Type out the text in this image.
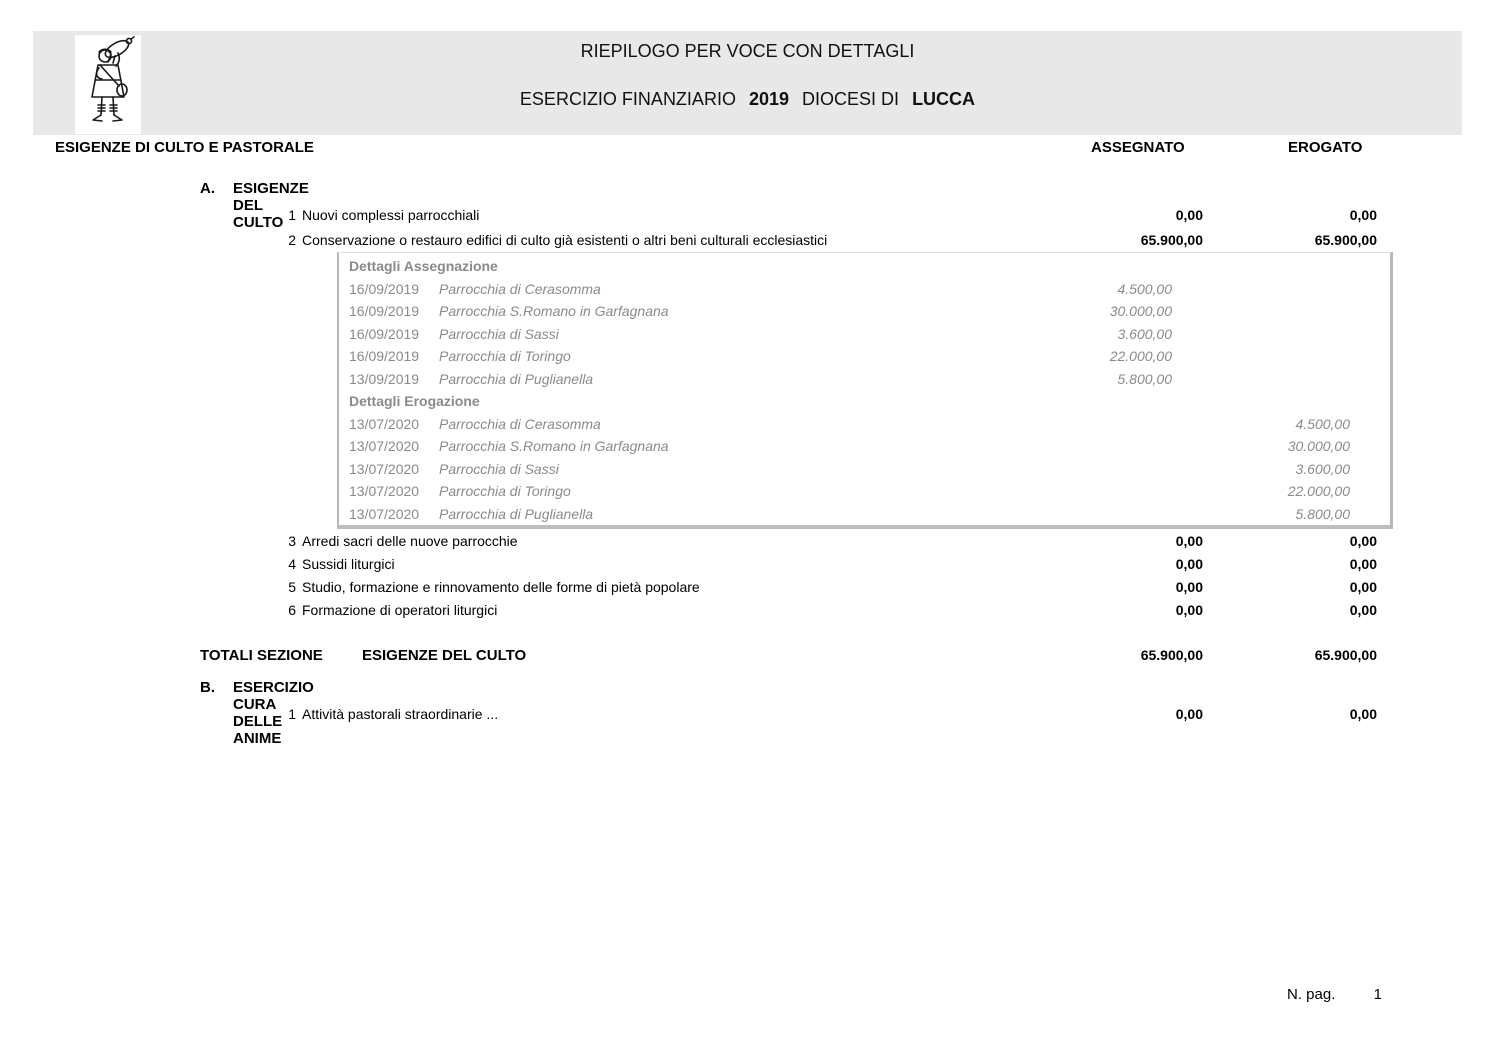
RIEPILOGO PER VOCE CON DETTAGLI
ESERCIZIO FINANZIARIO 2019 DIOCESI DI LUCCA
ESIGENZE DI CULTO E PASTORALE	ASSEGNATO	EROGATO
A. ESIGENZE DEL CULTO 1 Nuovi complessi parrocchiali	0,00	0,00
2 Conservazione o restauro edifici di culto già esistenti o altri beni culturali ecclesiastici	65.900,00	65.900,00
Dettagli Assegnazione
16/09/2019 Parrocchia di Cerasomma	4.500,00
16/09/2019 Parrocchia S.Romano in Garfagnana	30.000,00
16/09/2019 Parrocchia di Sassi	3.600,00
16/09/2019 Parrocchia di Toringo	22.000,00
13/09/2019 Parrocchia di Puglianella	5.800,00
Dettagli Erogazione
13/07/2020 Parrocchia di Cerasomma	4.500,00
13/07/2020 Parrocchia S.Romano in Garfagnana	30.000,00
13/07/2020 Parrocchia di Sassi	3.600,00
13/07/2020 Parrocchia di Toringo	22.000,00
13/07/2020 Parrocchia di Puglianella	5.800,00
3 Arredi sacri delle nuove parrocchie	0,00	0,00
4 Sussidi liturgici	0,00	0,00
5 Studio, formazione e rinnovamento delle forme di pietà popolare	0,00	0,00
6 Formazione di operatori liturgici	0,00	0,00
TOTALI SEZIONE	ESIGENZE DEL CULTO	65.900,00	65.900,00
B. ESERCIZIO CURA DELLE ANIME
1 Attività pastorali straordinarie ...	0,00	0,00
N. pag.	1
